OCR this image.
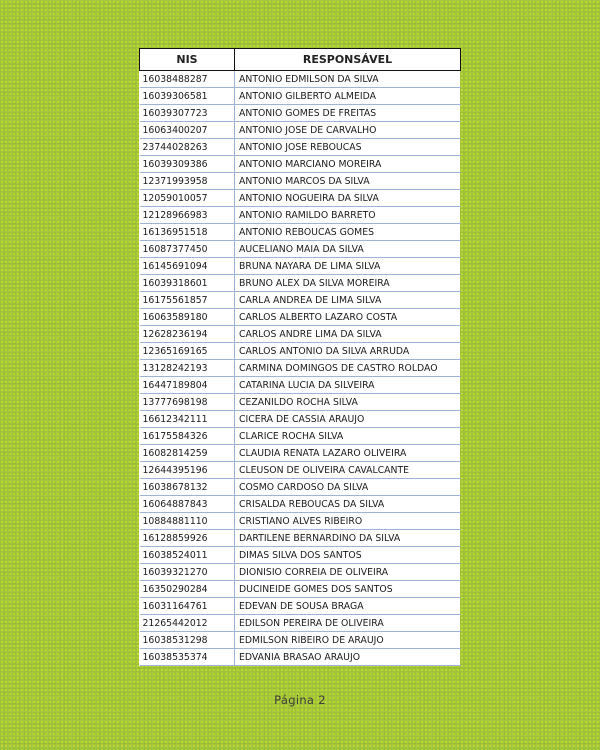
NIS	RESPONSÁVEL
16038488287	ANTONIO EDMILSON DA SILVA
16039306581	ANTONIO GILBERTO ALMEIDA
16039307723	ANTONIO GOMES DE FREITAS
16063400207	ANTONIO JOSE DE CARVALHO
23744028263	ANTONIO JOSE REBOUCAS
16039309386	ANTONIO MARCIANO MOREIRA
12371993958	ANTONIO MARCOS DA SILVA
12059010057	ANTONIO NOGUEIRA DA SILVA
12128966983	ANTONIO RAMILDO BARRETO
16136951518	ANTONIO REBOUCAS GOMES
16087377450	AUCELIANO MAIA DA SILVA
16145691094	BRUNA NAYARA DE LIMA SILVA
16039318601	BRUNO ALEX DA SILVA MOREIRA
16175561857	CARLA ANDREA DE LIMA SILVA
16063589180	CARLOS ALBERTO LAZARO COSTA
12628236194	CARLOS ANDRE LIMA DA SILVA
12365169165	CARLOS ANTONIO DA SILVA ARRUDA
13128242193	CARMINA DOMINGOS DE CASTRO ROLDAO
16447189804	CATARINA LUCIA DA SILVEIRA
13777698198	CEZANILDO ROCHA SILVA
16612342111	CICERA DE CASSIA ARAUJO
16175584326	CLARICE ROCHA SILVA
16082814259	CLAUDIA RENATA LAZARO OLIVEIRA
12644395196	CLEUSON DE OLIVEIRA CAVALCANTE
16038678132	COSMO CARDOSO DA SILVA
16064887843	CRISALDA REBOUCAS DA SILVA
10884881110	CRISTIANO ALVES RIBEIRO
16128859926	DARTILENE BERNARDINO DA SILVA
16038524011	DIMAS SILVA DOS SANTOS
16039321270	DIONISIO CORREIA DE OLIVEIRA
16350290284	DUCINEIDE GOMES DOS SANTOS
16031164761	EDEVAN DE SOUSA BRAGA
21265442012	EDILSON PEREIRA DE OLIVEIRA
16038531298	EDMILSON RIBEIRO DE ARAUJO
16038535374	EDVANIA BRASAO ARAUJO
Página 2
